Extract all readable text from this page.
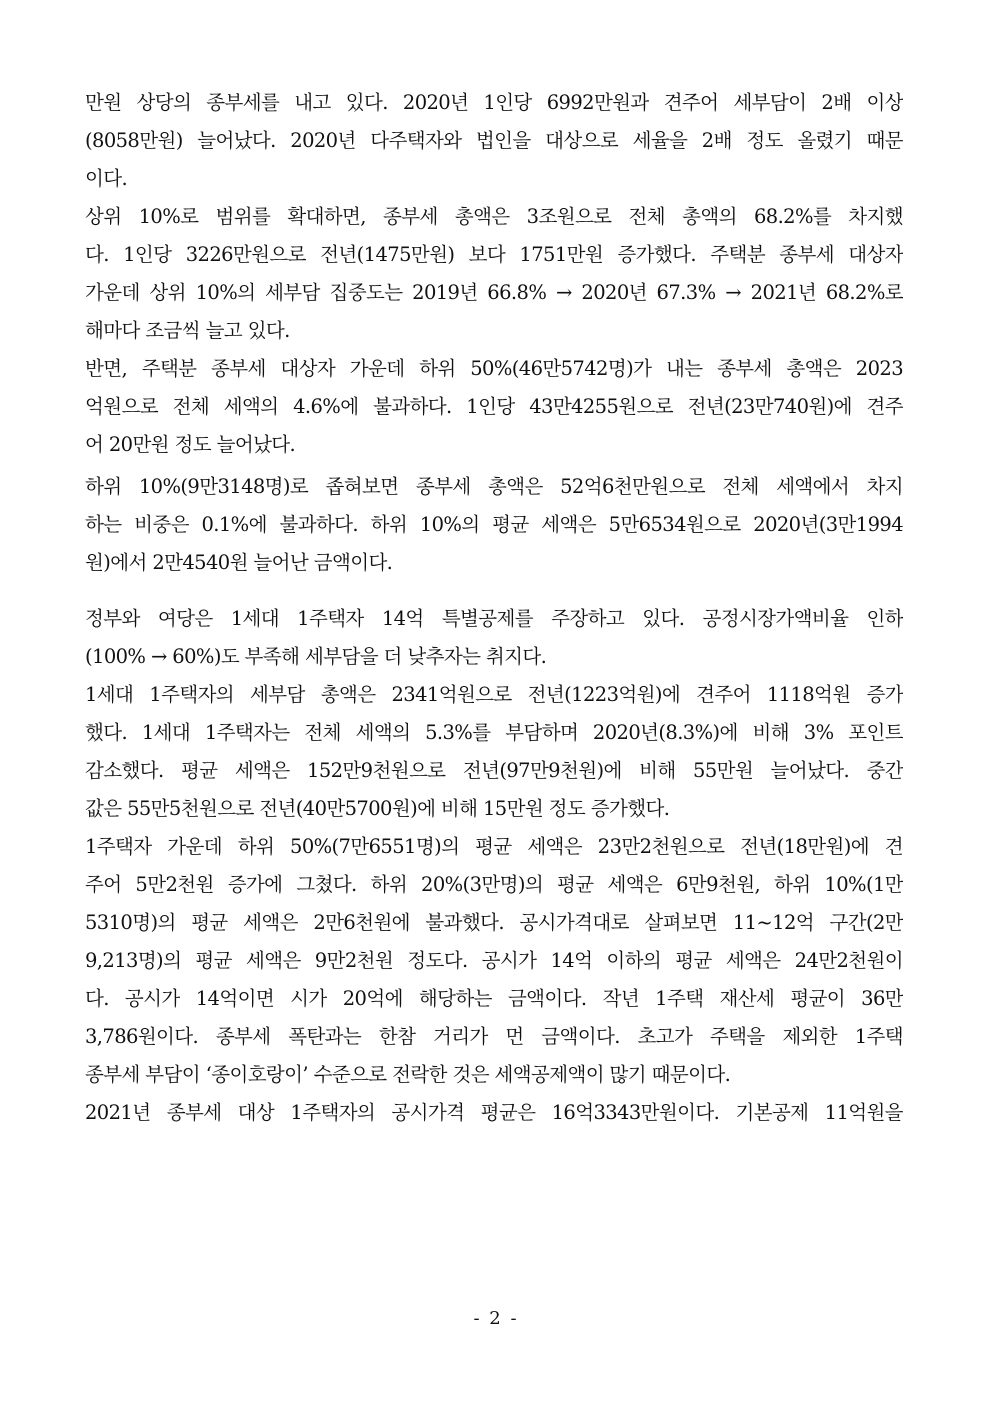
만원 상당의 종부세를 내고 있다. 2020년 1인당 6992만원과 견주어 세부담이 2배 이상
(8058만원) 늘어났다. 2020년 다주택자와 법인을 대상으로 세율을 2배 정도 올렸기 때문
이다.
상위 10%로 범위를 확대하면, 종부세 총액은 3조원으로 전체 총액의 68.2%를 차지했
다. 1인당 3226만원으로 전년(1475만원) 보다 1751만원 증가했다. 주택분 종부세 대상자
가운데 상위 10%의 세부담 집중도는 2019년 66.8% → 2020년 67.3% → 2021년 68.2%로
해마다 조금씩 늘고 있다.
반면, 주택분 종부세 대상자 가운데 하위 50%(46만5742명)가 내는 종부세 총액은 2023
억원으로 전체 세액의 4.6%에 불과하다. 1인당 43만4255원으로 전년(23만740원)에 견주
어 20만원 정도 늘어났다.
하위 10%(9만3148명)로 좁혀보면 종부세 총액은 52억6천만원으로 전체 세액에서 차지
하는 비중은 0.1%에 불과하다. 하위 10%의 평균 세액은 5만6534원으로 2020년(3만1994
원)에서 2만4540원 늘어난 금액이다.
정부와 여당은 1세대 1주택자 14억 특별공제를 주장하고 있다. 공정시장가액비율 인하
(100% → 60%)도 부족해 세부담을 더 낮추자는 취지다.
1세대 1주택자의 세부담 총액은 2341억원으로 전년(1223억원)에 견주어 1118억원 증가
했다. 1세대 1주택자는 전체 세액의 5.3%를 부담하며 2020년(8.3%)에 비해 3% 포인트
감소했다. 평균 세액은 152만9천원으로 전년(97만9천원)에 비해 55만원 늘어났다. 중간
값은 55만5천원으로 전년(40만5700원)에 비해 15만원 정도 증가했다.
1주택자 가운데 하위 50%(7만6551명)의 평균 세액은 23만2천원으로 전년(18만원)에 견
주어 5만2천원 증가에 그쳤다. 하위 20%(3만명)의 평균 세액은 6만9천원, 하위 10%(1만
5310명)의 평균 세액은 2만6천원에 불과했다. 공시가격대로 살펴보면 11~12억 구간(2만
9,213명)의 평균 세액은 9만2천원 정도다. 공시가 14억 이하의 평균 세액은 24만2천원이
다. 공시가 14억이면 시가 20억에 해당하는 금액이다. 작년 1주택 재산세 평균이 36만
3,786원이다. 종부세 폭탄과는 한참 거리가 먼 금액이다. 초고가 주택을 제외한 1주택
종부세 부담이 ‘종이호랑이’ 수준으로 전락한 것은 세액공제액이 많기 때문이다.
2021년 종부세 대상 1주택자의 공시가격 평균은 16억3343만원이다. 기본공제 11억원을
- 2 -
